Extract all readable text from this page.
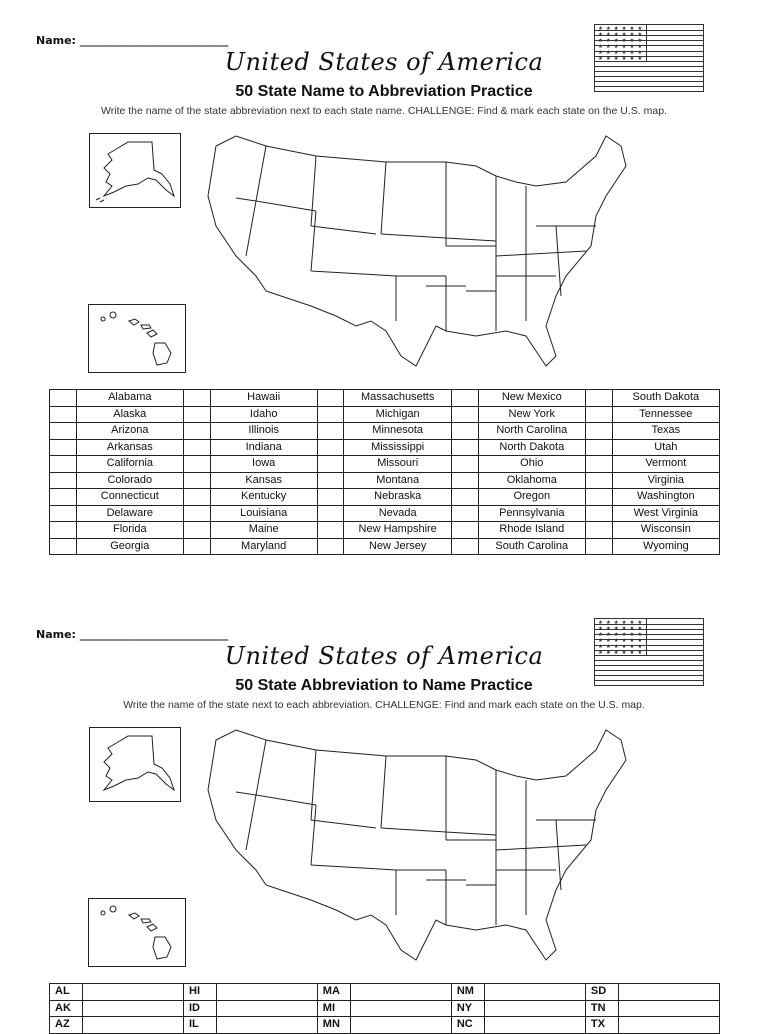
Name: ___________________________
★ ★ ★ ★ ★ ★
★ ★ ★ ★ ★ ★
★ ★ ★ ★ ★ ★
★ ★ ★ ★ ★ ★
★ ★ ★ ★ ★ ★
★ ★ ★ ★ ★ ★
United States of America
50 State Name to Abbreviation Practice
Write the name of the state abbreviation next to each state name. CHALLENGE: Find & mark each state on the U.S. map.
	Alabama		Hawaii		Massachusetts		New Mexico		South Dakota
	Alaska		Idaho		Michigan		New York		Tennessee
	Arizona		Illinois		Minnesota		North Carolina		Texas
	Arkansas		Indiana		Mississippi		North Dakota		Utah
	California		Iowa		Missouri		Ohio		Vermont
	Colorado		Kansas		Montana		Oklahoma		Virginia
	Connecticut		Kentucky		Nebraska		Oregon		Washington
	Delaware		Louisiana		Nevada		Pennsylvania		West Virginia
	Florida		Maine		New Hampshire		Rhode Island		Wisconsin
	Georgia		Maryland		New Jersey		South Carolina		Wyoming
Name: ___________________________
★ ★ ★ ★ ★ ★
★ ★ ★ ★ ★ ★
★ ★ ★ ★ ★ ★
★ ★ ★ ★ ★ ★
★ ★ ★ ★ ★ ★
★ ★ ★ ★ ★ ★
United States of America
50 State Abbreviation to Name Practice
Write the name of the state next to each abbreviation. CHALLENGE: Find and mark each state on the U.S. map.
AL		HI		MA		NM		SD	
AK		ID		MI		NY		TN	
AZ		IL		MN		NC		TX	
